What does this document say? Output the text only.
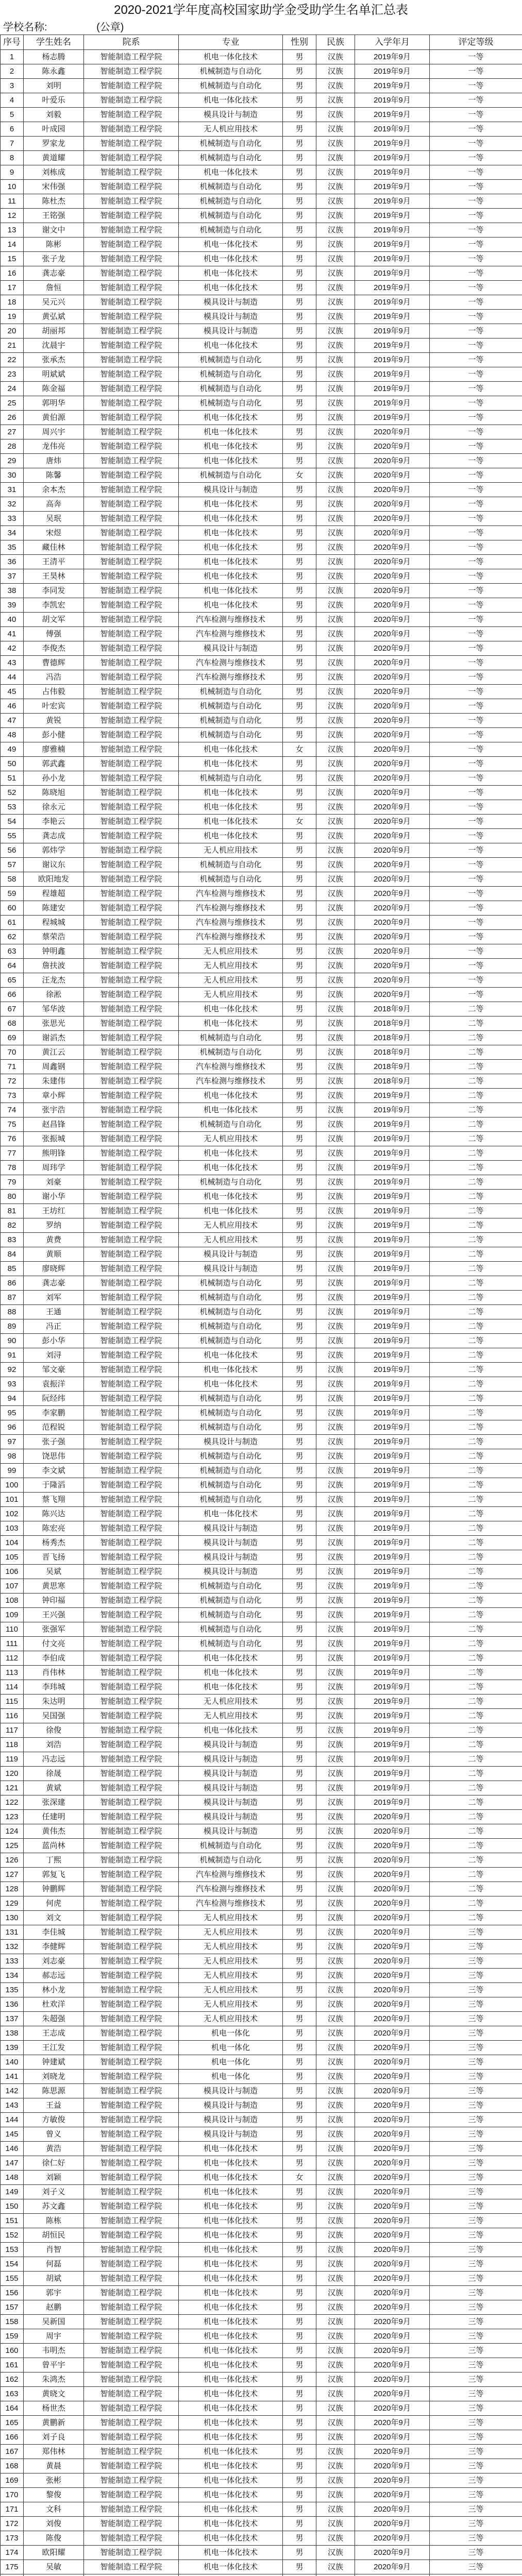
2020-2021学年度高校国家助学金受助学生名单汇总表
学校名称:	(公章)
序号	学生姓名	院系	专业	性别	民族	入学年月	评定等级
1	杨志腾	智能制造工程学院	机电一体化技术	男	汉族	2019年9月	一等
2	陈永鑫	智能制造工程学院	机械制造与自动化	男	汉族	2019年9月	一等
3	刘明	智能制造工程学院	机械制造与自动化	男	汉族	2019年9月	一等
4	叶爱乐	智能制造工程学院	机电一体化技术	男	汉族	2019年9月	一等
5	刘毅	智能制造工程学院	模具设计与制造	男	汉族	2019年9月	一等
6	叶成园	智能制造工程学院	无人机应用技术	男	汉族	2019年9月	一等
7	罗家龙	智能制造工程学院	机械制造与自动化	男	汉族	2019年9月	一等
8	黄道耀	智能制造工程学院	机械制造与自动化	男	汉族	2019年9月	一等
9	刘栋成	智能制造工程学院	机电一体化技术	男	汉族	2019年9月	一等
10	宋伟强	智能制造工程学院	机械制造与自动化	男	汉族	2019年9月	一等
11	陈杜杰	智能制造工程学院	机械制造与自动化	男	汉族	2019年9月	一等
12	王铭强	智能制造工程学院	机械制造与自动化	男	汉族	2019年9月	一等
13	谢文中	智能制造工程学院	机械制造与自动化	男	汉族	2019年9月	一等
14	陈彬	智能制造工程学院	机电一体化技术	男	汉族	2019年9月	一等
15	张子龙	智能制造工程学院	机电一体化技术	男	汉族	2019年9月	一等
16	龚志豪	智能制造工程学院	机电一体化技术	男	汉族	2019年9月	一等
17	詹恒	智能制造工程学院	机电一体化技术	男	汉族	2019年9月	一等
18	吴元兴	智能制造工程学院	模具设计与制造	男	汉族	2019年9月	一等
19	黄弘斌	智能制造工程学院	模具设计与制造	男	汉族	2019年9月	一等
20	胡丽邦	智能制造工程学院	模具设计与制造	男	汉族	2019年9月	一等
21	沈晨宇	智能制造工程学院	机电一体化技术	男	汉族	2019年9月	一等
22	张承杰	智能制造工程学院	机械制造与自动化	男	汉族	2019年9月	一等
23	明斌斌	智能制造工程学院	机械制造与自动化	男	汉族	2019年9月	一等
24	陈金福	智能制造工程学院	机械制造与自动化	男	汉族	2019年9月	一等
25	郭明华	智能制造工程学院	机械制造与自动化	男	汉族	2019年9月	一等
26	黄伯源	智能制造工程学院	机电一体化技术	男	汉族	2019年9月	一等
27	周兴宇	智能制造工程学院	机电一体化技术	男	汉族	2020年9月	一等
28	龙伟亮	智能制造工程学院	机电一体化技术	男	汉族	2020年9月	一等
29	唐炜	智能制造工程学院	机电一体化技术	男	汉族	2020年9月	一等
30	陈馨	智能制造工程学院	机械制造与自动化	女	汉族	2020年9月	一等
31	余本杰	智能制造工程学院	模具设计与制造	男	汉族	2020年9月	一等
32	高奔	智能制造工程学院	机电一体化技术	男	汉族	2020年9月	一等
33	吴珉	智能制造工程学院	机电一体化技术	男	汉族	2020年9月	一等
34	宋煜	智能制造工程学院	机电一体化技术	男	汉族	2020年9月	一等
35	藏佳林	智能制造工程学院	机电一体化技术	男	汉族	2020年9月	一等
36	王清平	智能制造工程学院	机电一体化技术	男	汉族	2020年9月	一等
37	王昊林	智能制造工程学院	机电一体化技术	男	汉族	2020年9月	一等
38	李同发	智能制造工程学院	机电一体化技术	男	汉族	2020年9月	一等
39	李凯宏	智能制造工程学院	机电一体化技术	男	汉族	2020年9月	一等
40	胡文军	智能制造工程学院	汽车检测与维修技术	男	汉族	2020年9月	一等
41	傅强	智能制造工程学院	汽车检测与维修技术	男	汉族	2020年9月	一等
42	李俊杰	智能制造工程学院	模具设计与制造	男	汉族	2020年9月	一等
43	曹德辉	智能制造工程学院	汽车检测与维修技术	男	汉族	2020年9月	一等
44	冯浩	智能制造工程学院	汽车检测与维修技术	男	汉族	2020年9月	一等
45	占伟毅	智能制造工程学院	机械制造与自动化	男	汉族	2020年9月	一等
46	叶宏宾	智能制造工程学院	机械制造与自动化	男	汉族	2020年9月	一等
47	黄锐	智能制造工程学院	机械制造与自动化	男	汉族	2020年9月	一等
48	彭小健	智能制造工程学院	机械制造与自动化	男	汉族	2020年9月	一等
49	廖雅楠	智能制造工程学院	机电一体化技术	女	汉族	2020年9月	一等
50	郭武鑫	智能制造工程学院	机电一体化技术	男	汉族	2020年9月	一等
51	孙小龙	智能制造工程学院	机械制造与自动化	男	汉族	2020年9月	一等
52	陈晓旭	智能制造工程学院	机电一体化技术	男	汉族	2020年9月	一等
53	徐永元	智能制造工程学院	机电一体化技术	男	汉族	2020年9月	一等
54	李艳云	智能制造工程学院	机电一体化技术	女	汉族	2020年9月	一等
55	龚志成	智能制造工程学院	机电一体化技术	男	汉族	2020年9月	一等
56	郭炜学	智能制造工程学院	无人机应用技术	男	汉族	2020年9月	一等
57	谢议东	智能制造工程学院	机械制造与自动化	男	汉族	2020年9月	一等
58	欧阳地发	智能制造工程学院	机械制造与自动化	男	汉族	2020年9月	一等
59	程雄超	智能制造工程学院	汽车检测与维修技术	男	汉族	2020年9月	一等
60	陈建安	智能制造工程学院	汽车检测与维修技术	男	汉族	2020年9月	一等
61	程城城	智能制造工程学院	汽车检测与维修技术	男	汉族	2020年9月	一等
62	蔡荣浩	智能制造工程学院	汽车检测与维修技术	男	汉族	2020年9月	一等
63	钟明鑫	智能制造工程学院	无人机应用技术	男	汉族	2020年9月	一等
64	詹扶波	智能制造工程学院	无人机应用技术	男	汉族	2020年9月	一等
65	汪龙杰	智能制造工程学院	无人机应用技术	男	汉族	2020年9月	一等
66	徐淞	智能制造工程学院	无人机应用技术	男	汉族	2020年9月	一等
67	邹华波	智能制造工程学院	机电一体化技术	男	汉族	2018年9月	二等
68	张思光	智能制造工程学院	机电一体化技术	男	汉族	2018年9月	二等
69	谢滔杰	智能制造工程学院	机械制造与自动化	男	汉族	2018年9月	二等
70	黄江云	智能制造工程学院	机械制造与自动化	男	汉族	2018年9月	二等
71	周鑫钢	智能制造工程学院	汽车检测与维修技术	男	汉族	2018年9月	二等
72	朱建伟	智能制造工程学院	汽车检测与维修技术	男	汉族	2018年9月	二等
73	章小辉	智能制造工程学院	机电一体化技术	男	汉族	2019年9月	二等
74	张宇浩	智能制造工程学院	机电一体化技术	男	汉族	2019年9月	二等
75	赵昌锋	智能制造工程学院	机械制造与自动化	男	汉族	2019年9月	二等
76	张振城	智能制造工程学院	无人机应用技术	男	汉族	2019年9月	二等
77	熊明锋	智能制造工程学院	机电一体化技术	男	汉族	2019年9月	二等
78	周玮学	智能制造工程学院	机电一体化技术	男	汉族	2019年9月	二等
79	刘豪	智能制造工程学院	机械制造与自动化	男	汉族	2019年9月	二等
80	谢小华	智能制造工程学院	机电一体化技术	男	汉族	2019年9月	二等
81	王坊红	智能制造工程学院	机电一体化技术	男	汉族	2019年9月	二等
82	罗纳	智能制造工程学院	无人机应用技术	男	汉族	2019年9月	二等
83	黄费	智能制造工程学院	无人机应用技术	男	汉族	2019年9月	二等
84	黄顺	智能制造工程学院	模具设计与制造	男	汉族	2019年9月	二等
85	廖晓辉	智能制造工程学院	模具设计与制造	男	汉族	2019年9月	二等
86	龚志豪	智能制造工程学院	机械制造与自动化	男	汉族	2019年9月	二等
87	刘军	智能制造工程学院	机械制造与自动化	男	汉族	2019年9月	二等
88	王通	智能制造工程学院	机械制造与自动化	男	汉族	2019年9月	二等
89	冯正	智能制造工程学院	机械制造与自动化	男	汉族	2019年9月	二等
90	彭小华	智能制造工程学院	机械制造与自动化	男	汉族	2019年9月	二等
91	刘浔	智能制造工程学院	机电一体化技术	男	汉族	2019年9月	二等
92	邹文豪	智能制造工程学院	机电一体化技术	男	汉族	2019年9月	二等
93	袁振洋	智能制造工程学院	机电一体化技术	男	汉族	2019年9月	二等
94	阮经纬	智能制造工程学院	机械制造与自动化	男	汉族	2019年9月	二等
95	李家鹏	智能制造工程学院	机械制造与自动化	男	汉族	2019年9月	二等
96	范程锐	智能制造工程学院	机械制造与自动化	男	汉族	2019年9月	二等
97	张子强	智能制造工程学院	模具设计与制造	男	汉族	2019年9月	二等
98	饶思伟	智能制造工程学院	机械制造与自动化	男	汉族	2019年9月	二等
99	李文斌	智能制造工程学院	机械制造与自动化	男	汉族	2019年9月	二等
100	于隆滔	智能制造工程学院	机械制造与自动化	男	汉族	2019年9月	二等
101	蔡飞翔	智能制造工程学院	机械制造与自动化	男	汉族	2019年9月	二等
102	陈兴达	智能制造工程学院	机电一体化技术	男	汉族	2019年9月	二等
103	陈宏亮	智能制造工程学院	模具设计与制造	男	汉族	2019年9月	二等
104	杨秀杰	智能制造工程学院	模具设计与制造	男	汉族	2019年9月	二等
105	晋飞扬	智能制造工程学院	模具设计与制造	男	汉族	2019年9月	二等
106	吴斌	智能制造工程学院	模具设计与制造	男	汉族	2019年9月	二等
107	黄思寒	智能制造工程学院	机械制造与自动化	男	汉族	2019年9月	二等
108	钟印福	智能制造工程学院	机械制造与自动化	男	汉族	2019年9月	二等
109	王兴强	智能制造工程学院	机械制造与自动化	男	汉族	2019年9月	二等
110	张强军	智能制造工程学院	机械制造与自动化	男	汉族	2019年9月	二等
111	付文亮	智能制造工程学院	机械制造与自动化	男	汉族	2019年9月	二等
112	李伯成	智能制造工程学院	机电一体化技术	男	汉族	2019年9月	二等
113	肖伟林	智能制造工程学院	机电一体化技术	男	汉族	2019年9月	二等
114	李玮城	智能制造工程学院	机电一体化技术	男	汉族	2019年9月	二等
115	朱达明	智能制造工程学院	无人机应用技术	男	汉族	2019年9月	二等
116	吴国强	智能制造工程学院	无人机应用技术	男	汉族	2019年9月	二等
117	徐俊	智能制造工程学院	机电一体化技术	男	汉族	2019年9月	二等
118	刘浩	智能制造工程学院	模具设计与制造	男	汉族	2019年9月	二等
119	冯志远	智能制造工程学院	模具设计与制造	男	汉族	2019年9月	二等
120	徐晟	智能制造工程学院	模具设计与制造	男	汉族	2019年9月	二等
121	黄斌	智能制造工程学院	模具设计与制造	男	汉族	2019年9月	二等
122	张深建	智能制造工程学院	模具设计与制造	男	汉族	2019年9月	二等
123	任建明	智能制造工程学院	模具设计与制造	男	汉族	2020年9月	二等
124	黄伟杰	智能制造工程学院	模具设计与制造	男	汉族	2020年9月	二等
125	蓝尚林	智能制造工程学院	机械制造与自动化	男	汉族	2020年9月	二等
126	丁熙	智能制造工程学院	机械制造与自动化	男	汉族	2020年9月	二等
127	郭复飞	智能制造工程学院	汽车检测与维修技术	男	汉族	2020年9月	二等
128	钟鹏辉	智能制造工程学院	汽车检测与维修技术	男	汉族	2020年9月	二等
129	何虎	智能制造工程学院	汽车检测与维修技术	男	汉族	2020年9月	二等
130	刘文	智能制造工程学院	无人机应用技术	男	汉族	2020年9月	二等
131	李佳城	智能制造工程学院	无人机应用技术	男	汉族	2020年9月	三等
132	李健辉	智能制造工程学院	无人机应用技术	男	汉族	2020年9月	三等
133	刘志豪	智能制造工程学院	无人机应用技术	男	汉族	2020年9月	三等
134	郝志远	智能制造工程学院	无人机应用技术	男	汉族	2020年9月	三等
135	林小龙	智能制造工程学院	无人机应用技术	男	汉族	2020年9月	三等
136	杜欢洋	智能制造工程学院	无人机应用技术	男	汉族	2020年9月	三等
137	朱超强	智能制造工程学院	无人机应用技术	男	汉族	2020年9月	三等
138	王志成	智能制造工程学院	机电一体化	男	汉族	2020年9月	三等
139	王江发	智能制造工程学院	机电一体化	男	汉族	2020年9月	三等
140	钟建斌	智能制造工程学院	机电一体化	男	汉族	2020年9月	三等
141	刘晓龙	智能制造工程学院	机电一体化	男	汉族	2020年9月	三等
142	陈思源	智能制造工程学院	模具设计与制造	男	汉族	2020年9月	三等
143	王益	智能制造工程学院	模具设计与制造	男	汉族	2020年9月	三等
144	方敏俊	智能制造工程学院	模具设计与制造	男	汉族	2020年9月	三等
145	曾义	智能制造工程学院	模具设计与制造	男	汉族	2020年9月	三等
146	黄浩	智能制造工程学院	机电一体化技术	男	汉族	2020年9月	三等
147	徐仁好	智能制造工程学院	机电一体化技术	男	汉族	2020年9月	三等
148	刘颖	智能制造工程学院	机电一体化技术	女	汉族	2020年9月	三等
149	刘子义	智能制造工程学院	机电一体化技术	男	汉族	2020年9月	三等
150	苏文鑫	智能制造工程学院	机电一体化技术	男	汉族	2020年9月	三等
151	陈栋	智能制造工程学院	机电一体化技术	男	汉族	2020年9月	三等
152	胡恒民	智能制造工程学院	机电一体化技术	男	汉族	2020年9月	三等
153	肖智	智能制造工程学院	机电一体化技术	男	汉族	2020年9月	三等
154	何磊	智能制造工程学院	机电一体化技术	男	汉族	2020年9月	三等
155	胡斌	智能制造工程学院	机电一体化技术	男	汉族	2020年9月	三等
156	郭宇	智能制造工程学院	机电一体化技术	男	汉族	2020年9月	三等
157	赵鹏	智能制造工程学院	机电一体化技术	男	汉族	2020年9月	三等
158	吴新国	智能制造工程学院	机电一体化技术	男	汉族	2020年9月	三等
159	周宇	智能制造工程学院	机电一体化技术	男	汉族	2020年9月	三等
160	韦明杰	智能制造工程学院	机电一体化技术	男	汉族	2020年9月	三等
161	曾平宇	智能制造工程学院	机电一体化技术	男	汉族	2020年9月	三等
162	朱鸿杰	智能制造工程学院	机电一体化技术	男	汉族	2020年9月	三等
163	黄晓文	智能制造工程学院	机电一体化技术	男	汉族	2020年9月	三等
164	杨世杰	智能制造工程学院	机电一体化技术	男	汉族	2020年9月	三等
165	黄鹏新	智能制造工程学院	机电一体化技术	男	汉族	2020年9月	三等
166	刘子良	智能制造工程学院	机电一体化技术	男	汉族	2020年9月	三等
167	郑伟林	智能制造工程学院	机电一体化技术	男	汉族	2020年9月	三等
168	黄晨	智能制造工程学院	机电一体化技术	男	汉族	2020年9月	三等
169	张彬	智能制造工程学院	机电一体化技术	男	汉族	2020年9月	三等
170	黎俊	智能制造工程学院	机电一体化技术	男	汉族	2020年9月	三等
171	文科	智能制造工程学院	机电一体化技术	男	汉族	2020年9月	三等
172	刘俊	智能制造工程学院	机电一体化技术	男	汉族	2020年9月	三等
173	陈俊	智能制造工程学院	机电一体化技术	男	汉族	2020年9月	三等
174	欧阳耀	智能制造工程学院	机电一体化技术	男	汉族	2020年9月	三等
175	吴敏	智能制造工程学院	机电一体化技术	男	汉族	2020年9月	三等
